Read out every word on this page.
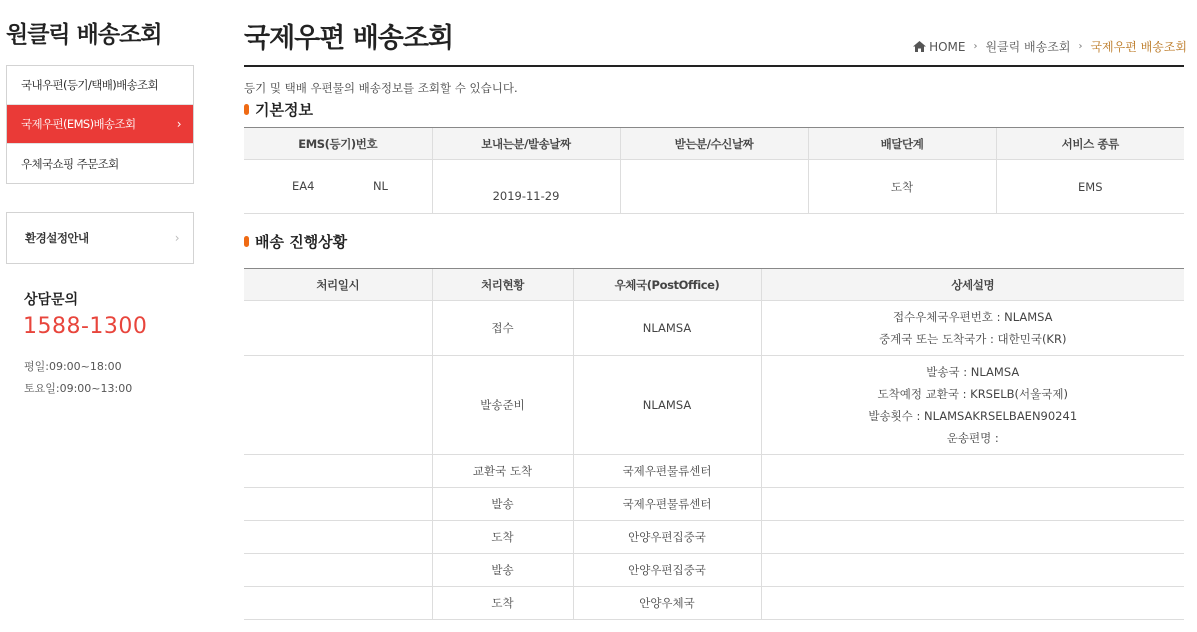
원클릭 배송조회
국내우편(등기/택배)배송조회
국제우편(EMS)배송조회	›
우체국쇼핑 주문조회
환경설정안내	›
상담문의
1588-1300
평일:09:00~18:00
토요일:09:00~13:00
국제우편 배송조회	HOME › 원클릭 배송조회 › 국제우편 배송조회
등기 및 택배 우편물의 배송정보를 조회할 수 있습니다.
기본정보
EMS(등기)번호	보내는분/발송날짜	받는분/수신날짜	배달단계	서비스 종류
EA4                NL	2019-11-29		도착	EMS
배송 진행상황
처리일시	처리현황	우체국(PostOffice)	상세설명
	접수	NLAMSA	접수우체국우편번호 : NLAMSA
중계국 또는 도착국가 : 대한민국(KR)

	발송준비	NLAMSA	발송국 : NLAMSA
도착예정 교환국 : KRSELB(서울국제)
발송횟수 : NLAMSAKRSELBAEN90241
운송편명 :

	교환국 도착	국제우편물류센터	
	발송	국제우편물류센터	
	도착	안양우편집중국	
	발송	안양우편집중국	
	도착	안양우체국	
